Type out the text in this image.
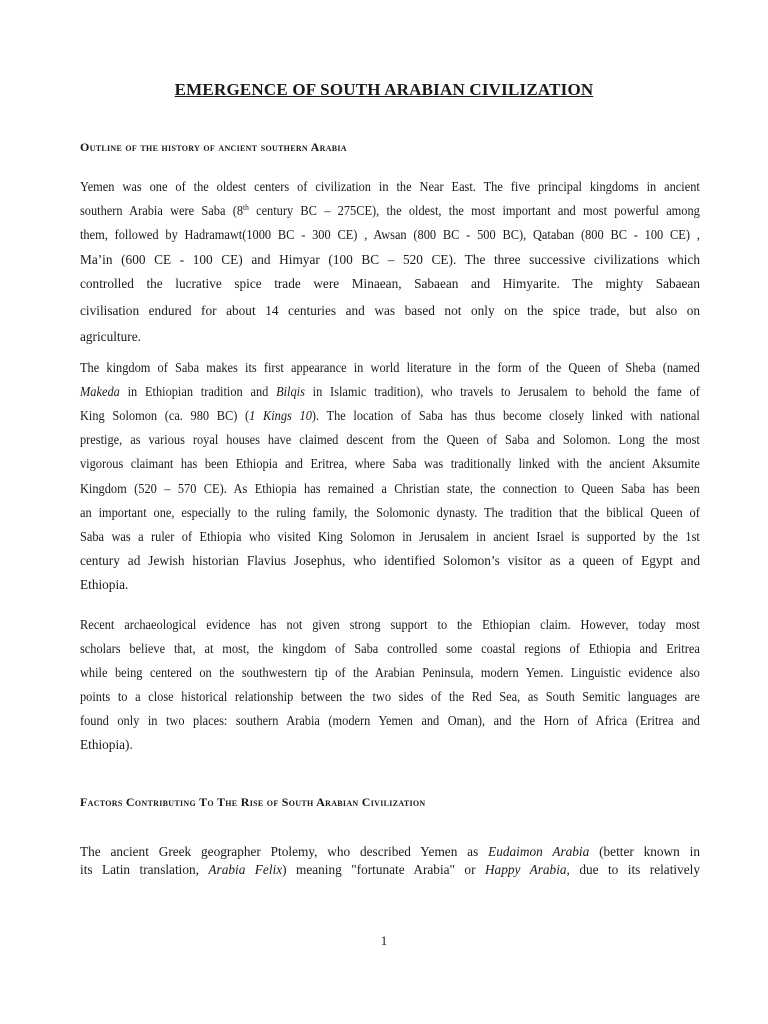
EMERGENCE OF SOUTH ARABIAN CIVILIZATION
Outline of the history of ancient southern Arabia
Yemen was one of the oldest centers of civilization in the Near East. The five principal kingdoms in ancient
southern Arabia were Saba (8th century BC – 275CE), the oldest, the most important and most powerful among
them, followed by Hadramawt(1000 BC - 300 CE) , Awsan (800 BC - 500 BC), Qataban (800 BC - 100 CE) ,
Ma’in (600 CE - 100 CE) and Himyar (100 BC – 520 CE). The three successive civilizations which
controlled the lucrative spice trade were Minaean, Sabaean and Himyarite. The mighty Sabaean
civilisation endured for about 14 centuries and was based not only on the spice trade, but also on
agriculture.
The kingdom of Saba makes its first appearance in world literature in the form of the Queen of Sheba (named
Makeda in Ethiopian tradition and Bilqis in Islamic tradition), who travels to Jerusalem to behold the fame of
King Solomon (ca. 980 BC) (1 Kings 10). The location of Saba has thus become closely linked with national
prestige, as various royal houses have claimed descent from the Queen of Saba and Solomon. Long the most
vigorous claimant has been Ethiopia and Eritrea, where Saba was traditionally linked with the ancient Aksumite
Kingdom (520 – 570 CE). As Ethiopia has remained a Christian state, the connection to Queen Saba has been
an important one, especially to the ruling family, the Solomonic dynasty. The tradition that the biblical Queen of
Saba was a ruler of Ethiopia who visited King Solomon in Jerusalem in ancient Israel is supported by the 1st
century ad Jewish historian Flavius Josephus, who identified Solomon’s visitor as a queen of Egypt and
Ethiopia.
Recent archaeological evidence has not given strong support to the Ethiopian claim. However, today most
scholars believe that, at most, the kingdom of Saba controlled some coastal regions of Ethiopia and Eritrea
while being centered on the southwestern tip of the Arabian Peninsula, modern Yemen. Linguistic evidence also
points to a close historical relationship between the two sides of the Red Sea, as South Semitic languages are
found only in two places: southern Arabia (modern Yemen and Oman), and the Horn of Africa (Eritrea and
Ethiopia).
Factors Contributing To The Rise of South Arabian Civilization
The ancient Greek geographer Ptolemy, who described Yemen as Eudaimon Arabia (better known in
its Latin translation, Arabia Felix) meaning "fortunate Arabia" or Happy Arabia, due to its relatively
1
